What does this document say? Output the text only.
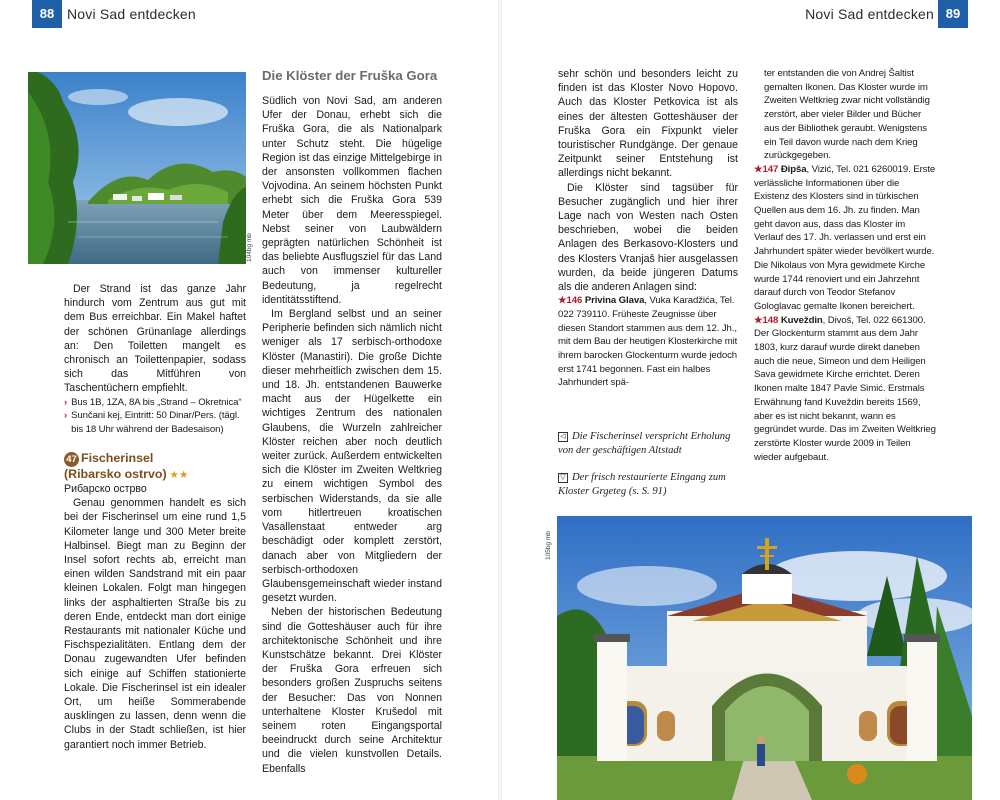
88 Novi Sad entdecken
104bg mb

Der Strand ist das ganze Jahr hindurch vom Zentrum aus gut mit dem Bus erreichbar. Ein Makel haftet der schönen Grünanlage allerdings an: Den Toiletten mangelt es chronisch an Toilettenpapier, sodass sich das Mitführen von Taschentüchern empfiehlt.

› Bus 1B, 1ZA, 8A bis „Strand – Okretnica“
› Sunčani kej, Eintritt: 50 Dinar/Pers. (tägl. bis 18 Uhr während der Badesaison)
47 Fischerinsel
(Ribarsko ostrvo) ★★

Рибарско острво

Genau genommen handelt es sich bei der Fischerinsel um eine rund 1,5 Kilometer lange und 300 Meter breite Halbinsel. Biegt man zu Beginn der Insel sofort rechts ab, erreicht man einen wilden Sandstrand mit ein paar kleinen Lokalen. Folgt man hingegen links der asphaltierten Straße bis zu deren Ende, entdeckt man dort einige Restaurants mit nationaler Küche und Fischspezialitäten. Entlang dem der Donau zugewandten Ufer befinden sich einige auf Schiffen stationierte Lokale. Die Fischerinsel ist ein idealer Ort, um heiße Sommerabende ausklingen zu lassen, denn wenn die Clubs in der Stadt schließen, ist hier garantiert noch immer Betrieb.

Die Klöster der Fruška Gora

Südlich von Novi Sad, am anderen Ufer der Donau, erhebt sich die Fruška Gora, die als Nationalpark unter Schutz steht. Die hügelige Region ist das einzige Mittelgebirge in der ansonsten vollkommen flachen Vojvodina. An seinem höchsten Punkt erhebt sich die Fruška Gora 539 Meter über dem Meeresspiegel. Nebst seiner von Laubwäldern geprägten natürlichen Schönheit ist das beliebte Ausflugsziel für das Land auch von immenser kultureller Bedeutung, ja regelrecht identitätsstiftend.

Im Bergland selbst und an seiner Peripherie befinden sich nämlich nicht weniger als 17 serbisch-orthodoxe Klöster (Manastiri). Die große Dichte dieser mehrheitlich zwischen dem 15. und 18. Jh. entstandenen Bauwerke macht aus der Hügelkette ein wichtiges Zentrum des nationalen Glaubens, die Wurzeln zahlreicher Klöster reichen aber noch deutlich weiter zurück. Außerdem entwickelten sich die Klöster im Zweiten Weltkrieg zu einem wichtigen Symbol des serbischen Widerstands, da sie alle vom hitlertreuen kroatischen Vasallenstaat entweder arg beschädigt oder komplett zerstört, danach aber von Mitgliedern der serbisch-orthodoxen Glaubensgemeinschaft wieder instand gesetzt wurden.

Neben der historischen Bedeutung sind die Gotteshäuser auch für ihre architektonische Schönheit und ihre Kunstschätze bekannt. Drei Klöster der Fruška Gora erfreuen sich besonders großen Zuspruchs seitens der Besucher: Das von Nonnen unterhaltene Kloster Krušedol mit seinem roten Eingangsportal beeindruckt durch seine Architektur und die vielen kunstvollen Details. Ebenfalls

Novi Sad entdecken 89

sehr schön und besonders leicht zu finden ist das Kloster Novo Hopovo. Auch das Kloster Petkovica ist als eines der ältesten Gotteshäuser der Fruška Gora ein Fixpunkt vieler touristischer Rundgänge. Der genaue Zeitpunkt seiner Entstehung ist allerdings nicht bekannt.

Die Klöster sind tagsüber für Besucher zugänglich und hier ihrer Lage nach von Westen nach Osten beschrieben, wobei die beiden Anlagen des Berkasovo-Klosters und des Klosters Vranjaš hier ausgelassen wurden, da beide jüngeren Datums als die anderen Anlagen sind:

★146 Privina Glava, Vuka Karadžića, Tel. 022 739110. Früheste Zeugnisse über diesen Standort stammen aus dem 12. Jh., mit dem Bau der heutigen Klosterkirche mit ihrem barocken Glockenturm wurde jedoch erst 1741 begonnen. Fast ein halbes Jahrhundert spä-
◁ Die Fischerinsel verspricht Erholung von der geschäftigen Altstadt
▽ Der frisch restaurierte Eingang zum Kloster Grgeteg (s. S. 91)

ter entstanden die von Andrej Šaltist gemalten Ikonen. Das Kloster wurde im Zweiten Weltkrieg zwar nicht vollständig zerstört, aber vieler Bilder und Bücher aus der Bibliothek geraubt. Wenigstens ein Teil davon wurde nach dem Krieg zurückgegeben.

★147 Đipša, Vizić, Tel. 021 6260019. Erste verlässliche Informationen über die Existenz des Klosters sind in türkischen Quellen aus dem 16. Jh. zu finden. Man geht davon aus, dass das Kloster im Verlauf des 17. Jh. verlassen und erst ein Jahrhundert später wieder bevölkert wurde. Die Nikolaus von Myra gewidmete Kirche wurde 1744 renoviert und ein Jahrzehnt darauf durch von Teodor Stefanov Gologlavac gemalte Ikonen bereichert.
★148 Kuveždin, Divoš, Tel. 022 661300. Der Glockenturm stammt aus dem Jahr 1803, kurz darauf wurde direkt daneben auch die neue, Simeon und dem Heiligen Sava gewidmete Kirche errichtet. Deren Ikonen malte 1847 Pavle Simić. Erstmals Erwähnung fand Kuveždin bereits 1569, aber es ist nicht bekannt, wann es gegründet wurde. Das im Zweiten Weltkrieg zerstörte Kloster wurde 2009 in Teilen wieder aufgebaut.
105bg mb
